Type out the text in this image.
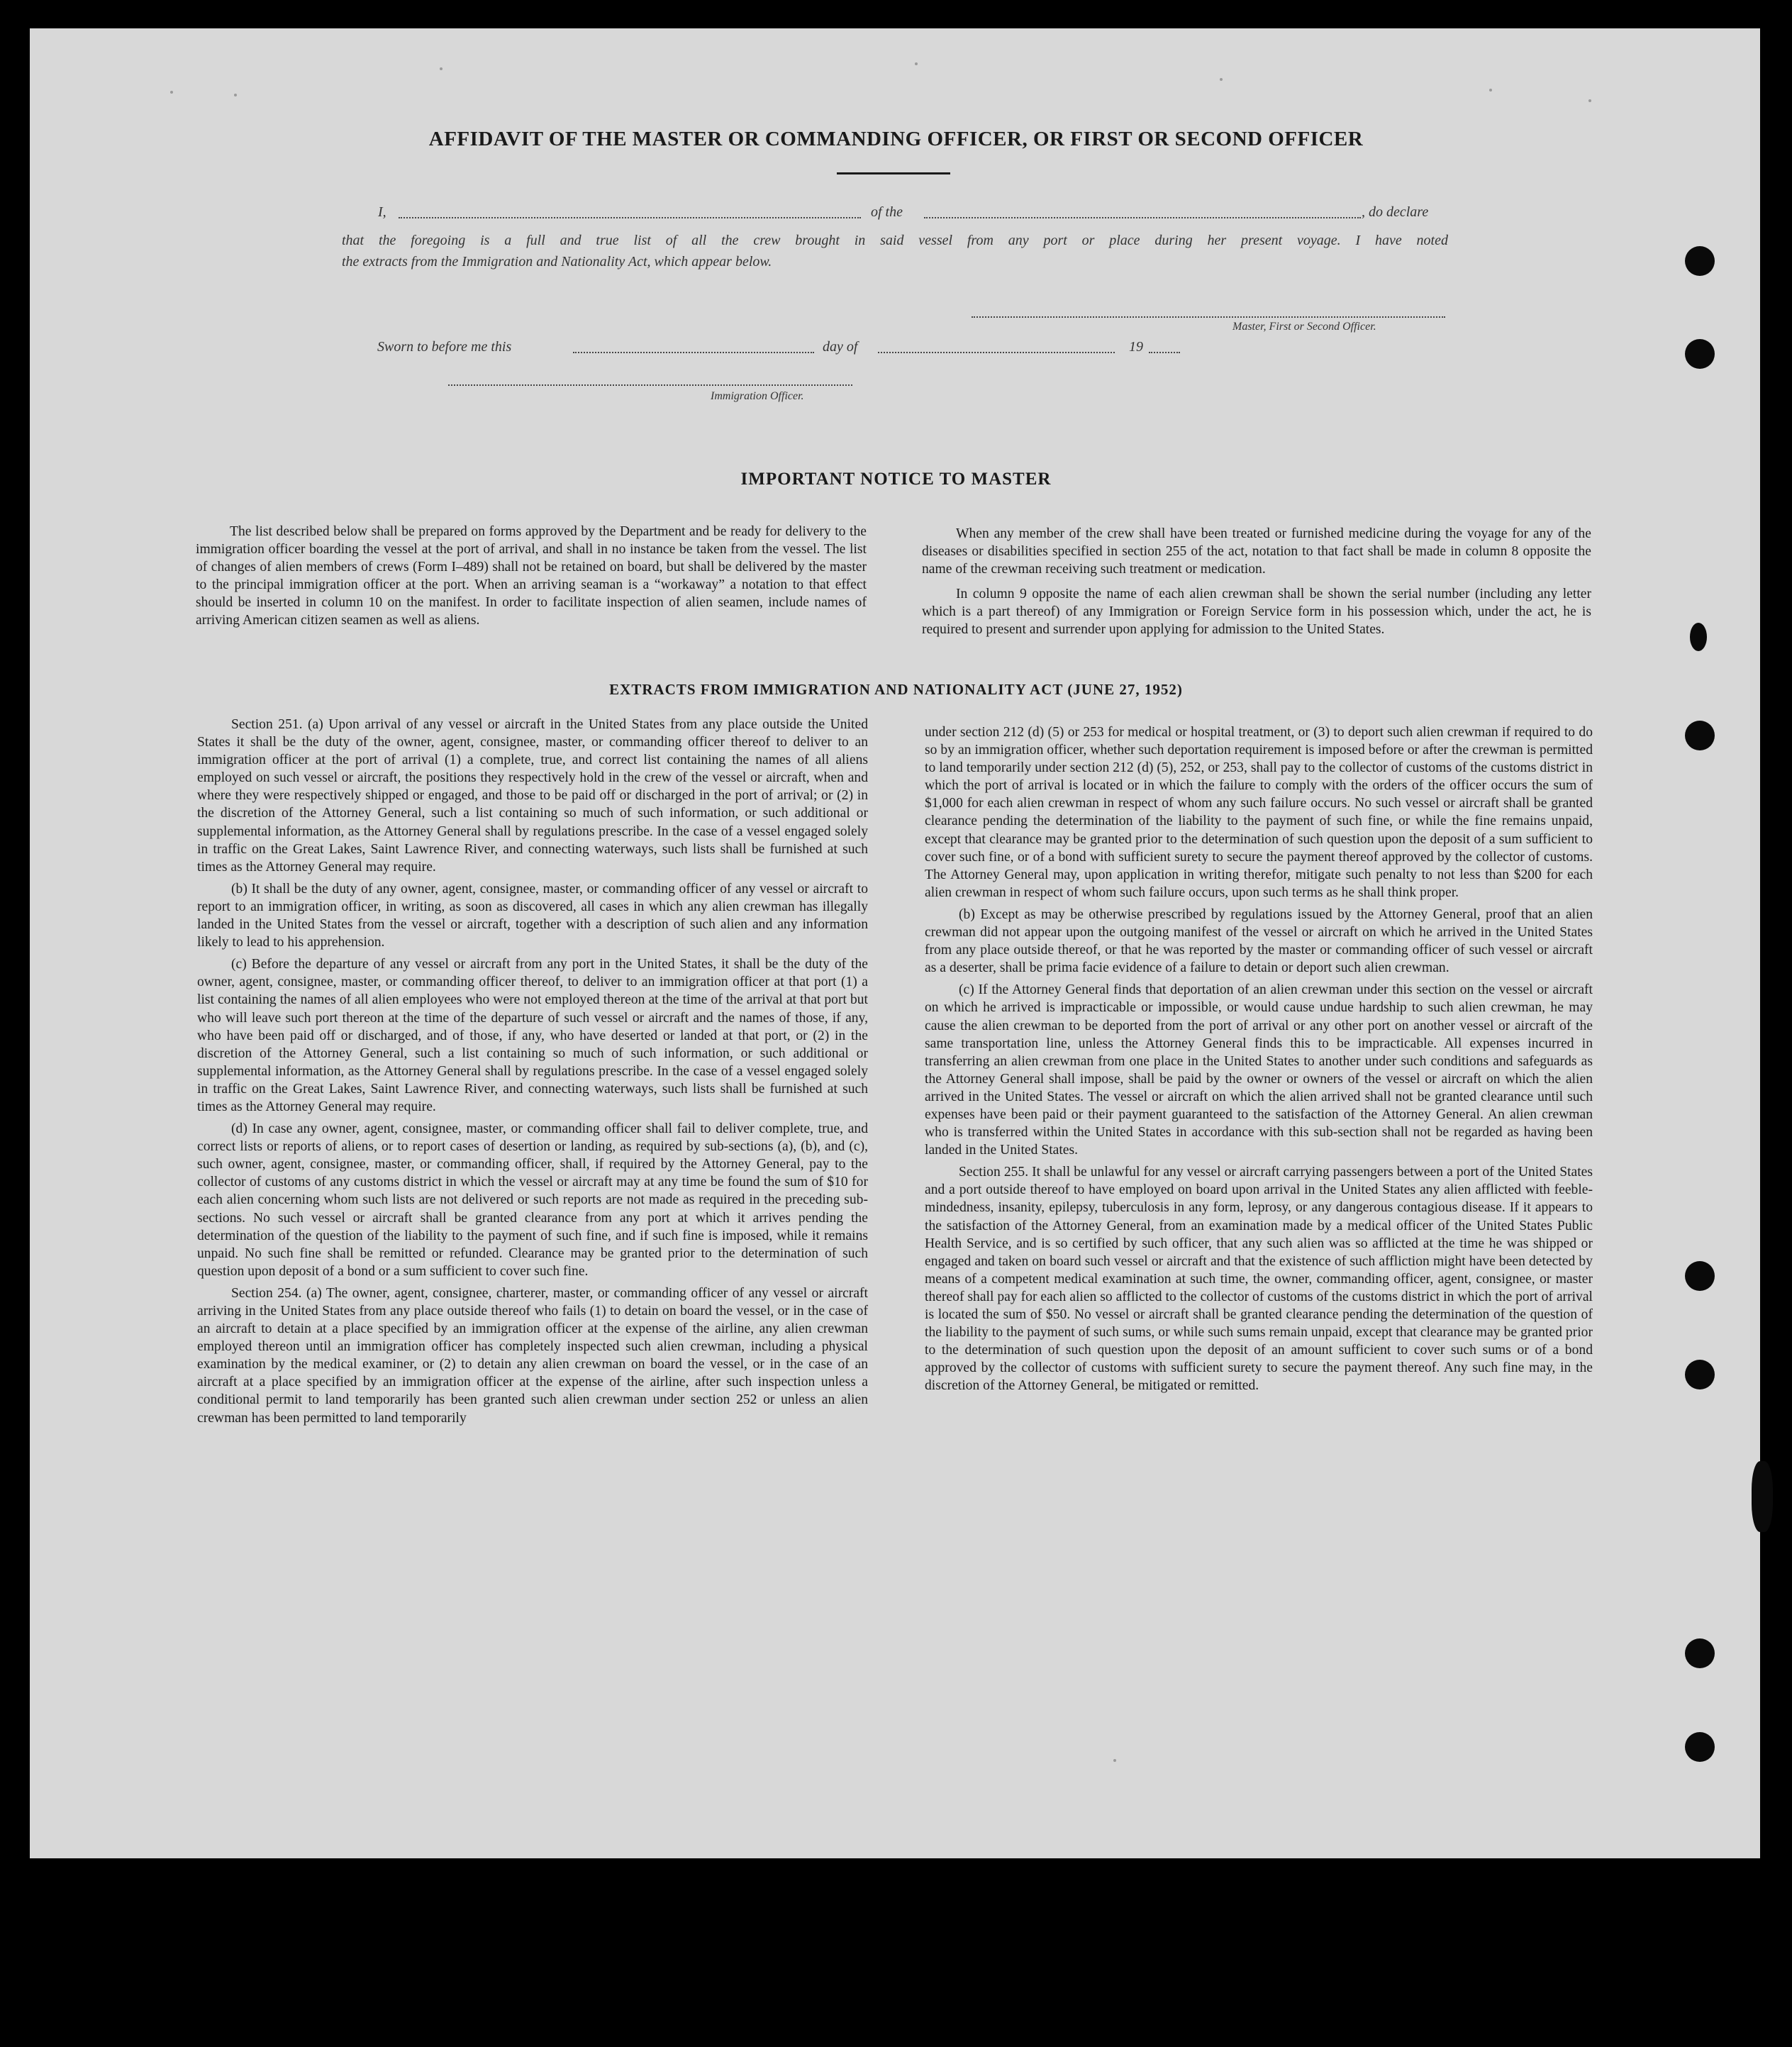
AFFIDAVIT OF THE MASTER OR COMMANDING OFFICER, OR FIRST OR SECOND OFFICER
I,	of the	, do declare
that the foregoing is a full and true list of all the crew brought in said vessel from any port or place during her present voyage. I have noted
the extracts from the Immigration and Nationality Act, which appear below.
Master, First or Second Officer.
Sworn to before me this	day of	19
Immigration Officer.
IMPORTANT NOTICE TO MASTER

The list described below shall be prepared on forms approved by the Department and be ready for delivery to the immigration officer boarding the vessel at the port of arrival, and shall in no instance be taken from the vessel. The list of changes of alien members of crews (Form I–489) shall not be retained on board, but shall be delivered by the master to the principal immigration officer at the port. When an arriving seaman is a “workaway” a notation to that effect should be inserted in column 10 on the manifest. In order to facilitate inspection of alien seamen, include names of arriving American citizen seamen as well as aliens.

When any member of the crew shall have been treated or furnished medicine during the voyage for any of the diseases or disabilities specified in section 255 of the act, notation to that fact shall be made in column 8 opposite the name of the crewman receiving such treatment or medication.

In column 9 opposite the name of each alien crewman shall be shown the serial number (including any letter which is a part thereof) of any Immigration or Foreign Service form in his possession which, under the act, he is required to present and surrender upon applying for admission to the United States.

EXTRACTS FROM IMMIGRATION AND NATIONALITY ACT (JUNE 27, 1952)

Section 251. (a) Upon arrival of any vessel or aircraft in the United States from any place outside the United States it shall be the duty of the owner, agent, consignee, master, or commanding officer thereof to deliver to an immigration officer at the port of arrival (1) a complete, true, and correct list containing the names of all aliens employed on such vessel or aircraft, the positions they respectively hold in the crew of the vessel or aircraft, when and where they were respectively shipped or engaged, and those to be paid off or discharged in the port of arrival; or (2) in the discretion of the Attorney General, such a list containing so much of such information, or such additional or supplemental information, as the Attorney General shall by regulations prescribe. In the case of a vessel engaged solely in traffic on the Great Lakes, Saint Lawrence River, and connecting waterways, such lists shall be furnished at such times as the Attorney General may require.

(b) It shall be the duty of any owner, agent, consignee, master, or commanding officer of any vessel or aircraft to report to an immigration officer, in writing, as soon as discovered, all cases in which any alien crewman has illegally landed in the United States from the vessel or aircraft, together with a description of such alien and any information likely to lead to his apprehension.

(c) Before the departure of any vessel or aircraft from any port in the United States, it shall be the duty of the owner, agent, consignee, master, or commanding officer thereof, to deliver to an immigration officer at that port (1) a list containing the names of all alien employees who were not employed thereon at the time of the arrival at that port but who will leave such port thereon at the time of the departure of such vessel or aircraft and the names of those, if any, who have been paid off or discharged, and of those, if any, who have deserted or landed at that port, or (2) in the discretion of the Attorney General, such a list containing so much of such information, or such additional or supplemental information, as the Attorney General shall by regulations prescribe. In the case of a vessel engaged solely in traffic on the Great Lakes, Saint Lawrence River, and connecting waterways, such lists shall be furnished at such times as the Attorney General may require.

(d) In case any owner, agent, consignee, master, or commanding officer shall fail to deliver complete, true, and correct lists or reports of aliens, or to report cases of desertion or landing, as required by sub-sections (a), (b), and (c), such owner, agent, consignee, master, or commanding officer, shall, if required by the Attorney General, pay to the collector of customs of any customs district in which the vessel or aircraft may at any time be found the sum of $10 for each alien concerning whom such lists are not delivered or such reports are not made as required in the preceding sub-sections. No such vessel or aircraft shall be granted clearance from any port at which it arrives pending the determination of the question of the liability to the payment of such fine, and if such fine is imposed, while it remains unpaid. No such fine shall be remitted or refunded. Clearance may be granted prior to the determination of such question upon deposit of a bond or a sum sufficient to cover such fine.

Section 254. (a) The owner, agent, consignee, charterer, master, or commanding officer of any vessel or aircraft arriving in the United States from any place outside thereof who fails (1) to detain on board the vessel, or in the case of an aircraft to detain at a place specified by an immigration officer at the expense of the airline, any alien crewman employed thereon until an immigration officer has completely inspected such alien crewman, including a physical examination by the medical examiner, or (2) to detain any alien crewman on board the vessel, or in the case of an aircraft at a place specified by an immigration officer at the expense of the airline, after such inspection unless a conditional permit to land temporarily has been granted such alien crewman under section 252 or unless an alien crewman has been permitted to land temporarily

under section 212 (d) (5) or 253 for medical or hospital treatment, or (3) to deport such alien crewman if required to do so by an immigration officer, whether such deportation requirement is imposed before or after the crewman is permitted to land temporarily under section 212 (d) (5), 252, or 253, shall pay to the collector of customs of the customs district in which the port of arrival is located or in which the failure to comply with the orders of the officer occurs the sum of $1,000 for each alien crewman in respect of whom any such failure occurs. No such vessel or aircraft shall be granted clearance pending the determination of the liability to the payment of such fine, or while the fine remains unpaid, except that clearance may be granted prior to the determination of such question upon the deposit of a sum sufficient to cover such fine, or of a bond with sufficient surety to secure the payment thereof approved by the collector of customs. The Attorney General may, upon application in writing therefor, mitigate such penalty to not less than $200 for each alien crewman in respect of whom such failure occurs, upon such terms as he shall think proper.

(b) Except as may be otherwise prescribed by regulations issued by the Attorney General, proof that an alien crewman did not appear upon the outgoing manifest of the vessel or aircraft on which he arrived in the United States from any place outside thereof, or that he was reported by the master or commanding officer of such vessel or aircraft as a deserter, shall be prima facie evidence of a failure to detain or deport such alien crewman.

(c) If the Attorney General finds that deportation of an alien crewman under this section on the vessel or aircraft on which he arrived is impracticable or impossible, or would cause undue hardship to such alien crewman, he may cause the alien crewman to be deported from the port of arrival or any other port on another vessel or aircraft of the same transportation line, unless the Attorney General finds this to be impracticable. All expenses incurred in transferring an alien crewman from one place in the United States to another under such conditions and safeguards as the Attorney General shall impose, shall be paid by the owner or owners of the vessel or aircraft on which the alien arrived in the United States. The vessel or aircraft on which the alien arrived shall not be granted clearance until such expenses have been paid or their payment guaranteed to the satisfaction of the Attorney General. An alien crewman who is transferred within the United States in accordance with this sub-section shall not be regarded as having been landed in the United States.

Section 255. It shall be unlawful for any vessel or aircraft carrying passengers between a port of the United States and a port outside thereof to have employed on board upon arrival in the United States any alien afflicted with feeble-mindedness, insanity, epilepsy, tuberculosis in any form, leprosy, or any dangerous contagious disease. If it appears to the satisfaction of the Attorney General, from an examination made by a medical officer of the United States Public Health Service, and is so certified by such officer, that any such alien was so afflicted at the time he was shipped or engaged and taken on board such vessel or aircraft and that the existence of such affliction might have been detected by means of a competent medical examination at such time, the owner, commanding officer, agent, consignee, or master thereof shall pay for each alien so afflicted to the collector of customs of the customs district in which the port of arrival is located the sum of $50. No vessel or aircraft shall be granted clearance pending the determination of the question of the liability to the payment of such sums, or while such sums remain unpaid, except that clearance may be granted prior to the determination of such question upon the deposit of an amount sufficient to cover such sums or of a bond approved by the collector of customs with sufficient surety to secure the payment thereof. Any such fine may, in the discretion of the Attorney General, be mitigated or remitted.
